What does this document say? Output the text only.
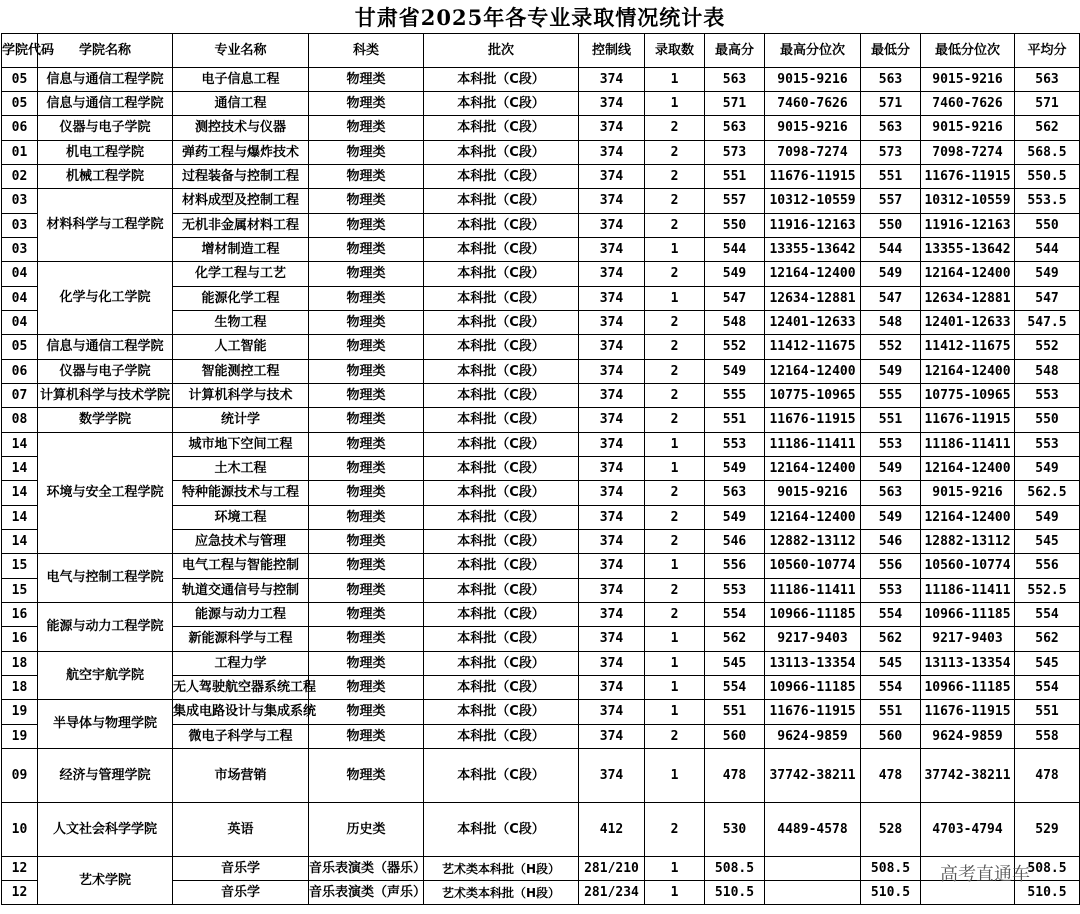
甘肃省2025年各专业录取情况统计表
学院代码	学院名称	专业名称	科类	批次	控制线	录取数	最高分	最高分位次	最低分	最低分位次	平均分
05	信息与通信工程学院	电子信息工程	物理类	本科批（C段）	374	1	563	9015-9216	563	9015-9216	563
05	信息与通信工程学院	通信工程	物理类	本科批（C段）	374	1	571	7460-7626	571	7460-7626	571
06	仪器与电子学院	测控技术与仪器	物理类	本科批（C段）	374	2	563	9015-9216	563	9015-9216	562
01	机电工程学院	弹药工程与爆炸技术	物理类	本科批（C段）	374	2	573	7098-7274	573	7098-7274	568.5
02	机械工程学院	过程装备与控制工程	物理类	本科批（C段）	374	2	551	11676-11915	551	11676-11915	550.5
03	材料科学与工程学院	材料成型及控制工程	物理类	本科批（C段）	374	2	557	10312-10559	557	10312-10559	553.5
03		无机非金属材料工程	物理类	本科批（C段）	374	2	550	11916-12163	550	11916-12163	550
03		增材制造工程	物理类	本科批（C段）	374	1	544	13355-13642	544	13355-13642	544
04	化学与化工学院	化学工程与工艺	物理类	本科批（C段）	374	2	549	12164-12400	549	12164-12400	549
04		能源化学工程	物理类	本科批（C段）	374	1	547	12634-12881	547	12634-12881	547
04		生物工程	物理类	本科批（C段）	374	2	548	12401-12633	548	12401-12633	547.5
05	信息与通信工程学院	人工智能	物理类	本科批（C段）	374	2	552	11412-11675	552	11412-11675	552
06	仪器与电子学院	智能测控工程	物理类	本科批（C段）	374	2	549	12164-12400	549	12164-12400	548
07	计算机科学与技术学院	计算机科学与技术	物理类	本科批（C段）	374	2	555	10775-10965	555	10775-10965	553
08	数学学院	统计学	物理类	本科批（C段）	374	2	551	11676-11915	551	11676-11915	550
14	环境与安全工程学院	城市地下空间工程	物理类	本科批（C段）	374	1	553	11186-11411	553	11186-11411	553
14		土木工程	物理类	本科批（C段）	374	1	549	12164-12400	549	12164-12400	549
14		特种能源技术与工程	物理类	本科批（C段）	374	2	563	9015-9216	563	9015-9216	562.5
14		环境工程	物理类	本科批（C段）	374	2	549	12164-12400	549	12164-12400	549
14		应急技术与管理	物理类	本科批（C段）	374	2	546	12882-13112	546	12882-13112	545
15	电气与控制工程学院	电气工程与智能控制	物理类	本科批（C段）	374	1	556	10560-10774	556	10560-10774	556
15		轨道交通信号与控制	物理类	本科批（C段）	374	2	553	11186-11411	553	11186-11411	552.5
16	能源与动力工程学院	能源与动力工程	物理类	本科批（C段）	374	2	554	10966-11185	554	10966-11185	554
16		新能源科学与工程	物理类	本科批（C段）	374	1	562	9217-9403	562	9217-9403	562
18	航空宇航学院	工程力学	物理类	本科批（C段）	374	1	545	13113-13354	545	13113-13354	545
18		无人驾驶航空器系统工程	物理类	本科批（C段）	374	1	554	10966-11185	554	10966-11185	554
19	半导体与物理学院	集成电路设计与集成系统	物理类	本科批（C段）	374	1	551	11676-11915	551	11676-11915	551
19		微电子科学与工程	物理类	本科批（C段）	374	2	560	9624-9859	560	9624-9859	558
09	经济与管理学院	市场营销	物理类	本科批（C段）	374	1	478	37742-38211	478	37742-38211	478
10	人文社会科学学院	英语	历史类	本科批（C段）	412	2	530	4489-4578	528	4703-4794	529
12	艺术学院	音乐学	音乐表演类（器乐）	艺术类本科批（H段）	281/210	1	508.5		508.5		508.5
12		音乐学	音乐表演类（声乐）	艺术类本科批（H段）	281/234	1	510.5		510.5		510.5
高考直通车
